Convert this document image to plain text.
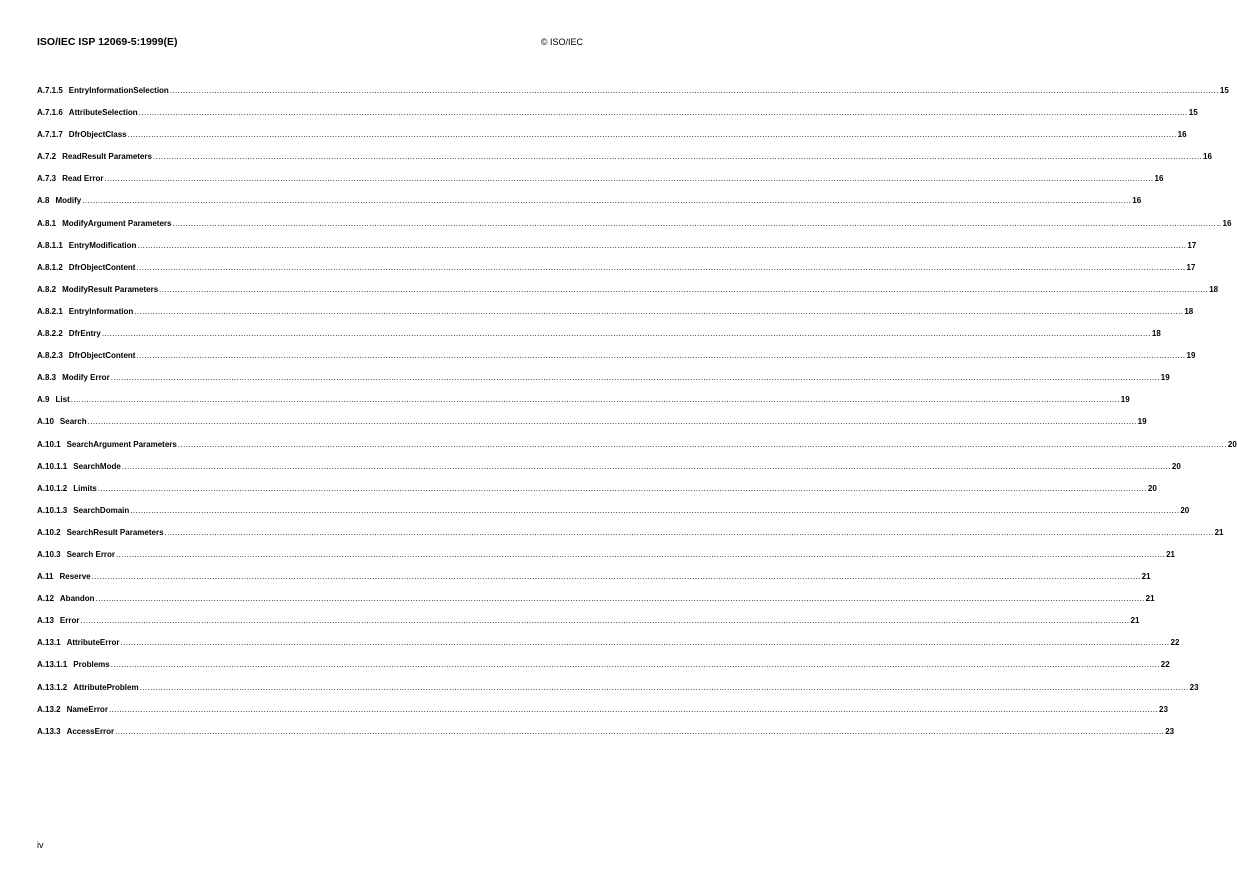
ISO/IEC ISP 12069-5:1999(E)	© ISO/IEC
A.7.1.5 EntryInformationSelection ................................................................................................................................................................................................................................................................................................................................................................................................................ 15
A.7.1.6 AttributeSelection ................................................................................................................................................................................................................................................................................................................................................................................................................ 15
A.7.1.7 DfrObjectClass ................................................................................................................................................................................................................................................................................................................................................................................................................ 16
A.7.2 ReadResult Parameters ................................................................................................................................................................................................................................................................................................................................................................................................................ 16
A.7.3 Read Error ................................................................................................................................................................................................................................................................................................................................................................................................................ 16
A.8 Modify ................................................................................................................................................................................................................................................................................................................................................................................................................ 16
A.8.1 ModifyArgument Parameters ................................................................................................................................................................................................................................................................................................................................................................................................................ 16
A.8.1.1 EntryModification ................................................................................................................................................................................................................................................................................................................................................................................................................ 17
A.8.1.2 DfrObjectContent ................................................................................................................................................................................................................................................................................................................................................................................................................ 17
A.8.2 ModifyResult Parameters ................................................................................................................................................................................................................................................................................................................................................................................................................ 18
A.8.2.1 EntryInformation ................................................................................................................................................................................................................................................................................................................................................................................................................ 18
A.8.2.2 DfrEntry ................................................................................................................................................................................................................................................................................................................................................................................................................ 18
A.8.2.3 DfrObjectContent ................................................................................................................................................................................................................................................................................................................................................................................................................ 19
A.8.3 Modify Error ................................................................................................................................................................................................................................................................................................................................................................................................................ 19
A.9 List ................................................................................................................................................................................................................................................................................................................................................................................................................ 19
A.10 Search ................................................................................................................................................................................................................................................................................................................................................................................................................ 19
A.10.1 SearchArgument Parameters ................................................................................................................................................................................................................................................................................................................................................................................................................ 20
A.10.1.1 SearchMode ................................................................................................................................................................................................................................................................................................................................................................................................................ 20
A.10.1.2 Limits ................................................................................................................................................................................................................................................................................................................................................................................................................ 20
A.10.1.3 SearchDomain ................................................................................................................................................................................................................................................................................................................................................................................................................ 20
A.10.2 SearchResult Parameters ................................................................................................................................................................................................................................................................................................................................................................................................................ 21
A.10.3 Search Error ................................................................................................................................................................................................................................................................................................................................................................................................................ 21
A.11 Reserve ................................................................................................................................................................................................................................................................................................................................................................................................................ 21
A.12 Abandon ................................................................................................................................................................................................................................................................................................................................................................................................................ 21
A.13 Error ................................................................................................................................................................................................................................................................................................................................................................................................................ 21
A.13.1 AttributeError ................................................................................................................................................................................................................................................................................................................................................................................................................ 22
A.13.1.1 Problems ................................................................................................................................................................................................................................................................................................................................................................................................................ 22
A.13.1.2 AttributeProblem ................................................................................................................................................................................................................................................................................................................................................................................................................ 23
A.13.2 NameError ................................................................................................................................................................................................................................................................................................................................................................................................................ 23
A.13.3 AccessError ................................................................................................................................................................................................................................................................................................................................................................................................................ 23
iv
